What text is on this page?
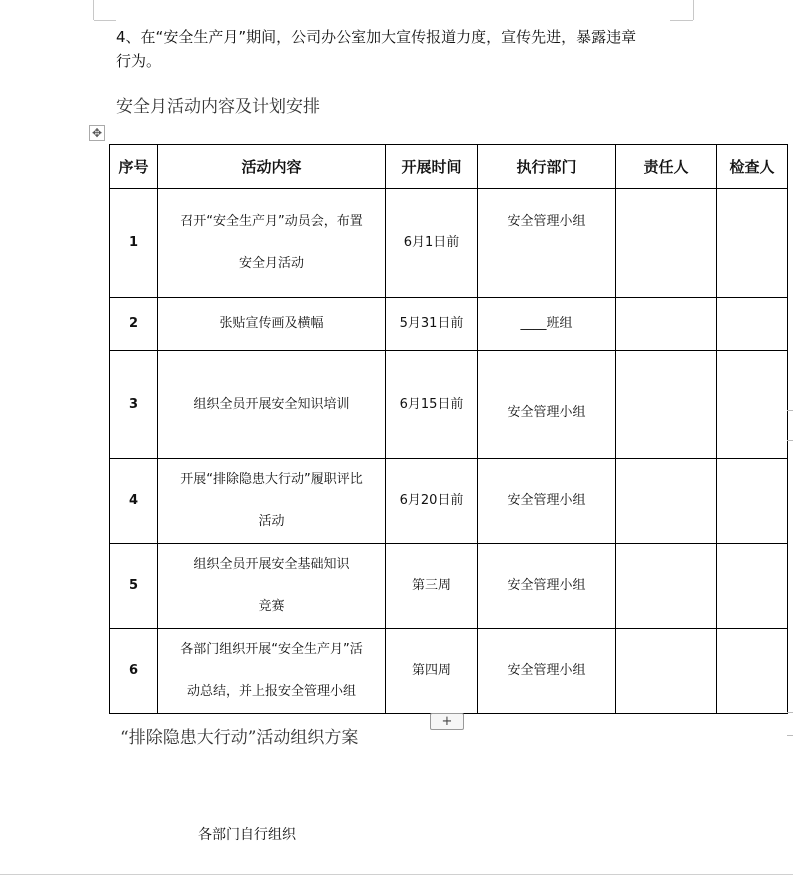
4、在“安全生产月”期间，公司办公室加大宣传报道力度，宣传先进，暴露违章
行为。
安全月活动内容及计划安排
✥
序号	活动内容	开展时间	执行部门	责任人	检查人
1	召开“安全生产月”动员会，布置
安全月活动	6月1日前	安全管理小组		
2	张贴宣传画及横幅	5月31日前	____班组		
3	组织全员开展安全知识培训	6月15日前	安全管理小组		
4	开展“排除隐患大行动”履职评比
活动	6月20日前	安全管理小组		
5	组织全员开展安全基础知识
竞赛	第三周	安全管理小组		
6	各部门组织开展“安全生产月”活
动总结，并上报安全管理小组	第四周	安全管理小组		
+
“排除隐患大行动”活动组织方案
各部门自行组织
